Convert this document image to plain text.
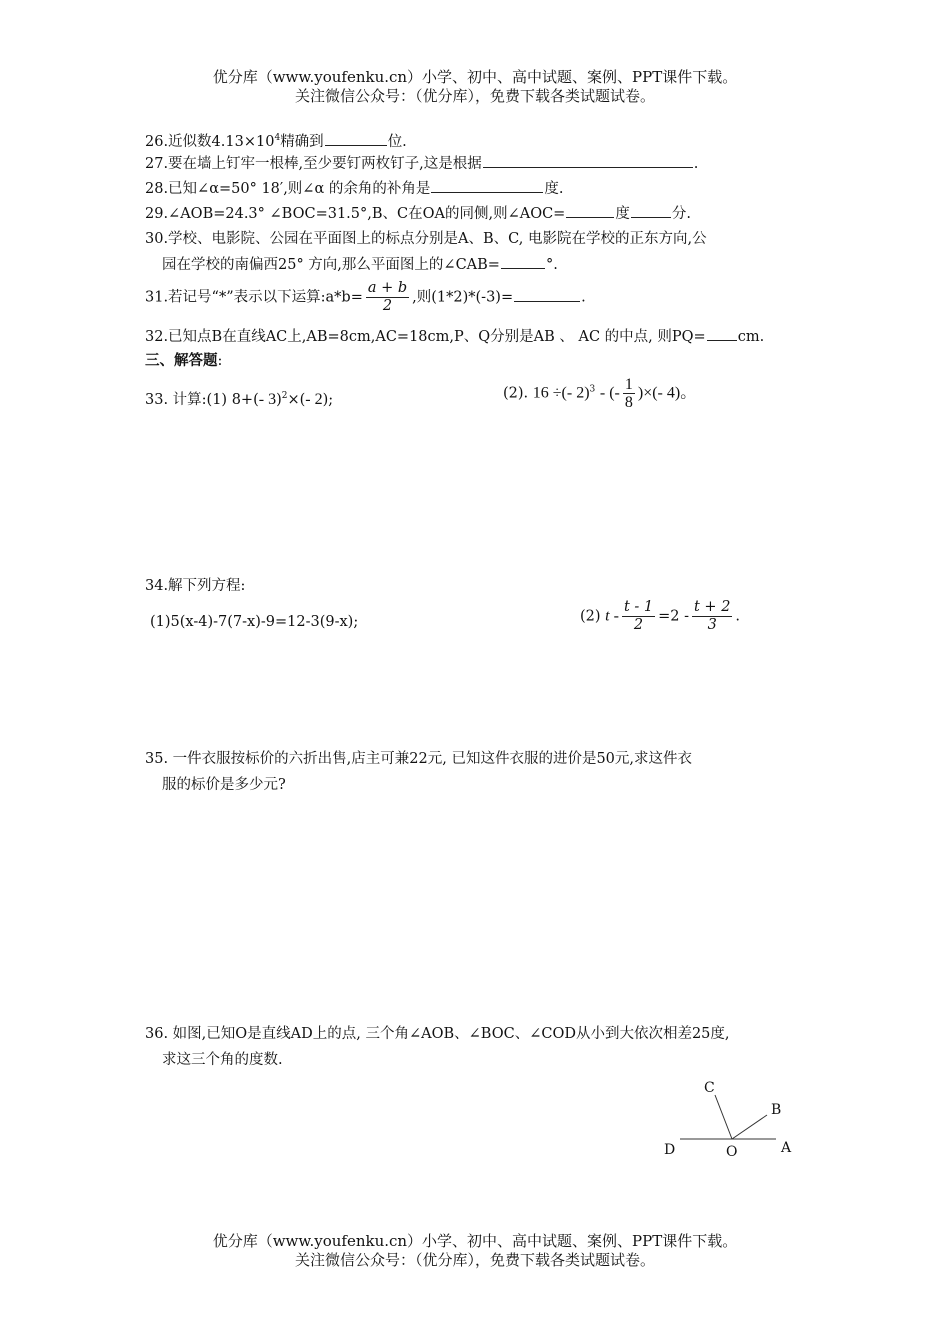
优分库（www.youfenku.cn）小学、初中、高中试题、案例、PPT课件下载。
关注微信公众号：（优分库），免费下载各类试题试卷。
26.近似数$4.13\times 10^4$精确到	位.
27.要在墙上钉牢一根棒,至少要钉两枚钉子,这是根据	.
28.已知∠α=50° 18′,则∠α 的余角的补角是	度.
29.∠AOB=24.3° ∠BOC=31.5°,B、C在OA的同侧,则∠AOC=	度	分.
30.学校、电影院、公园在平面图上的标点分别是A、B、C, 电影院在学校的正东方向,公
园在学校的南偏西25° 方向,那么平面图上的∠CAB=	°.
31.若记号“*”表示以下运算:a*b= $\frac{a + b}{2}$ ,则(1*2)*(-3)=	.
32.已知点B在直线AC上,AB=8cm,AC=18cm,P、Q分别是AB 、 AC 的中点, 则PQ= cm.
三、解答题:
33. 计算:(1) 8+(- 3)$^2$×(- 2);	(2). 16 ÷(- 2)$^3$ - (- $\frac{1}{8}$ )×(- 4)。
34.解下列方程:
(1)5(x-4)-7(7-x)-9=12-3(9-x);	(2) $t - \frac{t - 1}{2} =2 - \frac{t + 2}{3}$ .
35. 一件衣服按标价的六折出售,店主可兼22元, 已知这件衣服的进价是50元,求这件衣
服的标价是多少元?
36. 如图,已知O是直线AD上的点, 三个角∠AOB、∠BOC、∠COD从小到大依次相差25度,
求这三个角的度数.
C
B
D	O	A
优分库（www.youfenku.cn）小学、初中、高中试题、案例、PPT课件下载。
关注微信公众号：（优分库），免费下载各类试题试卷。
